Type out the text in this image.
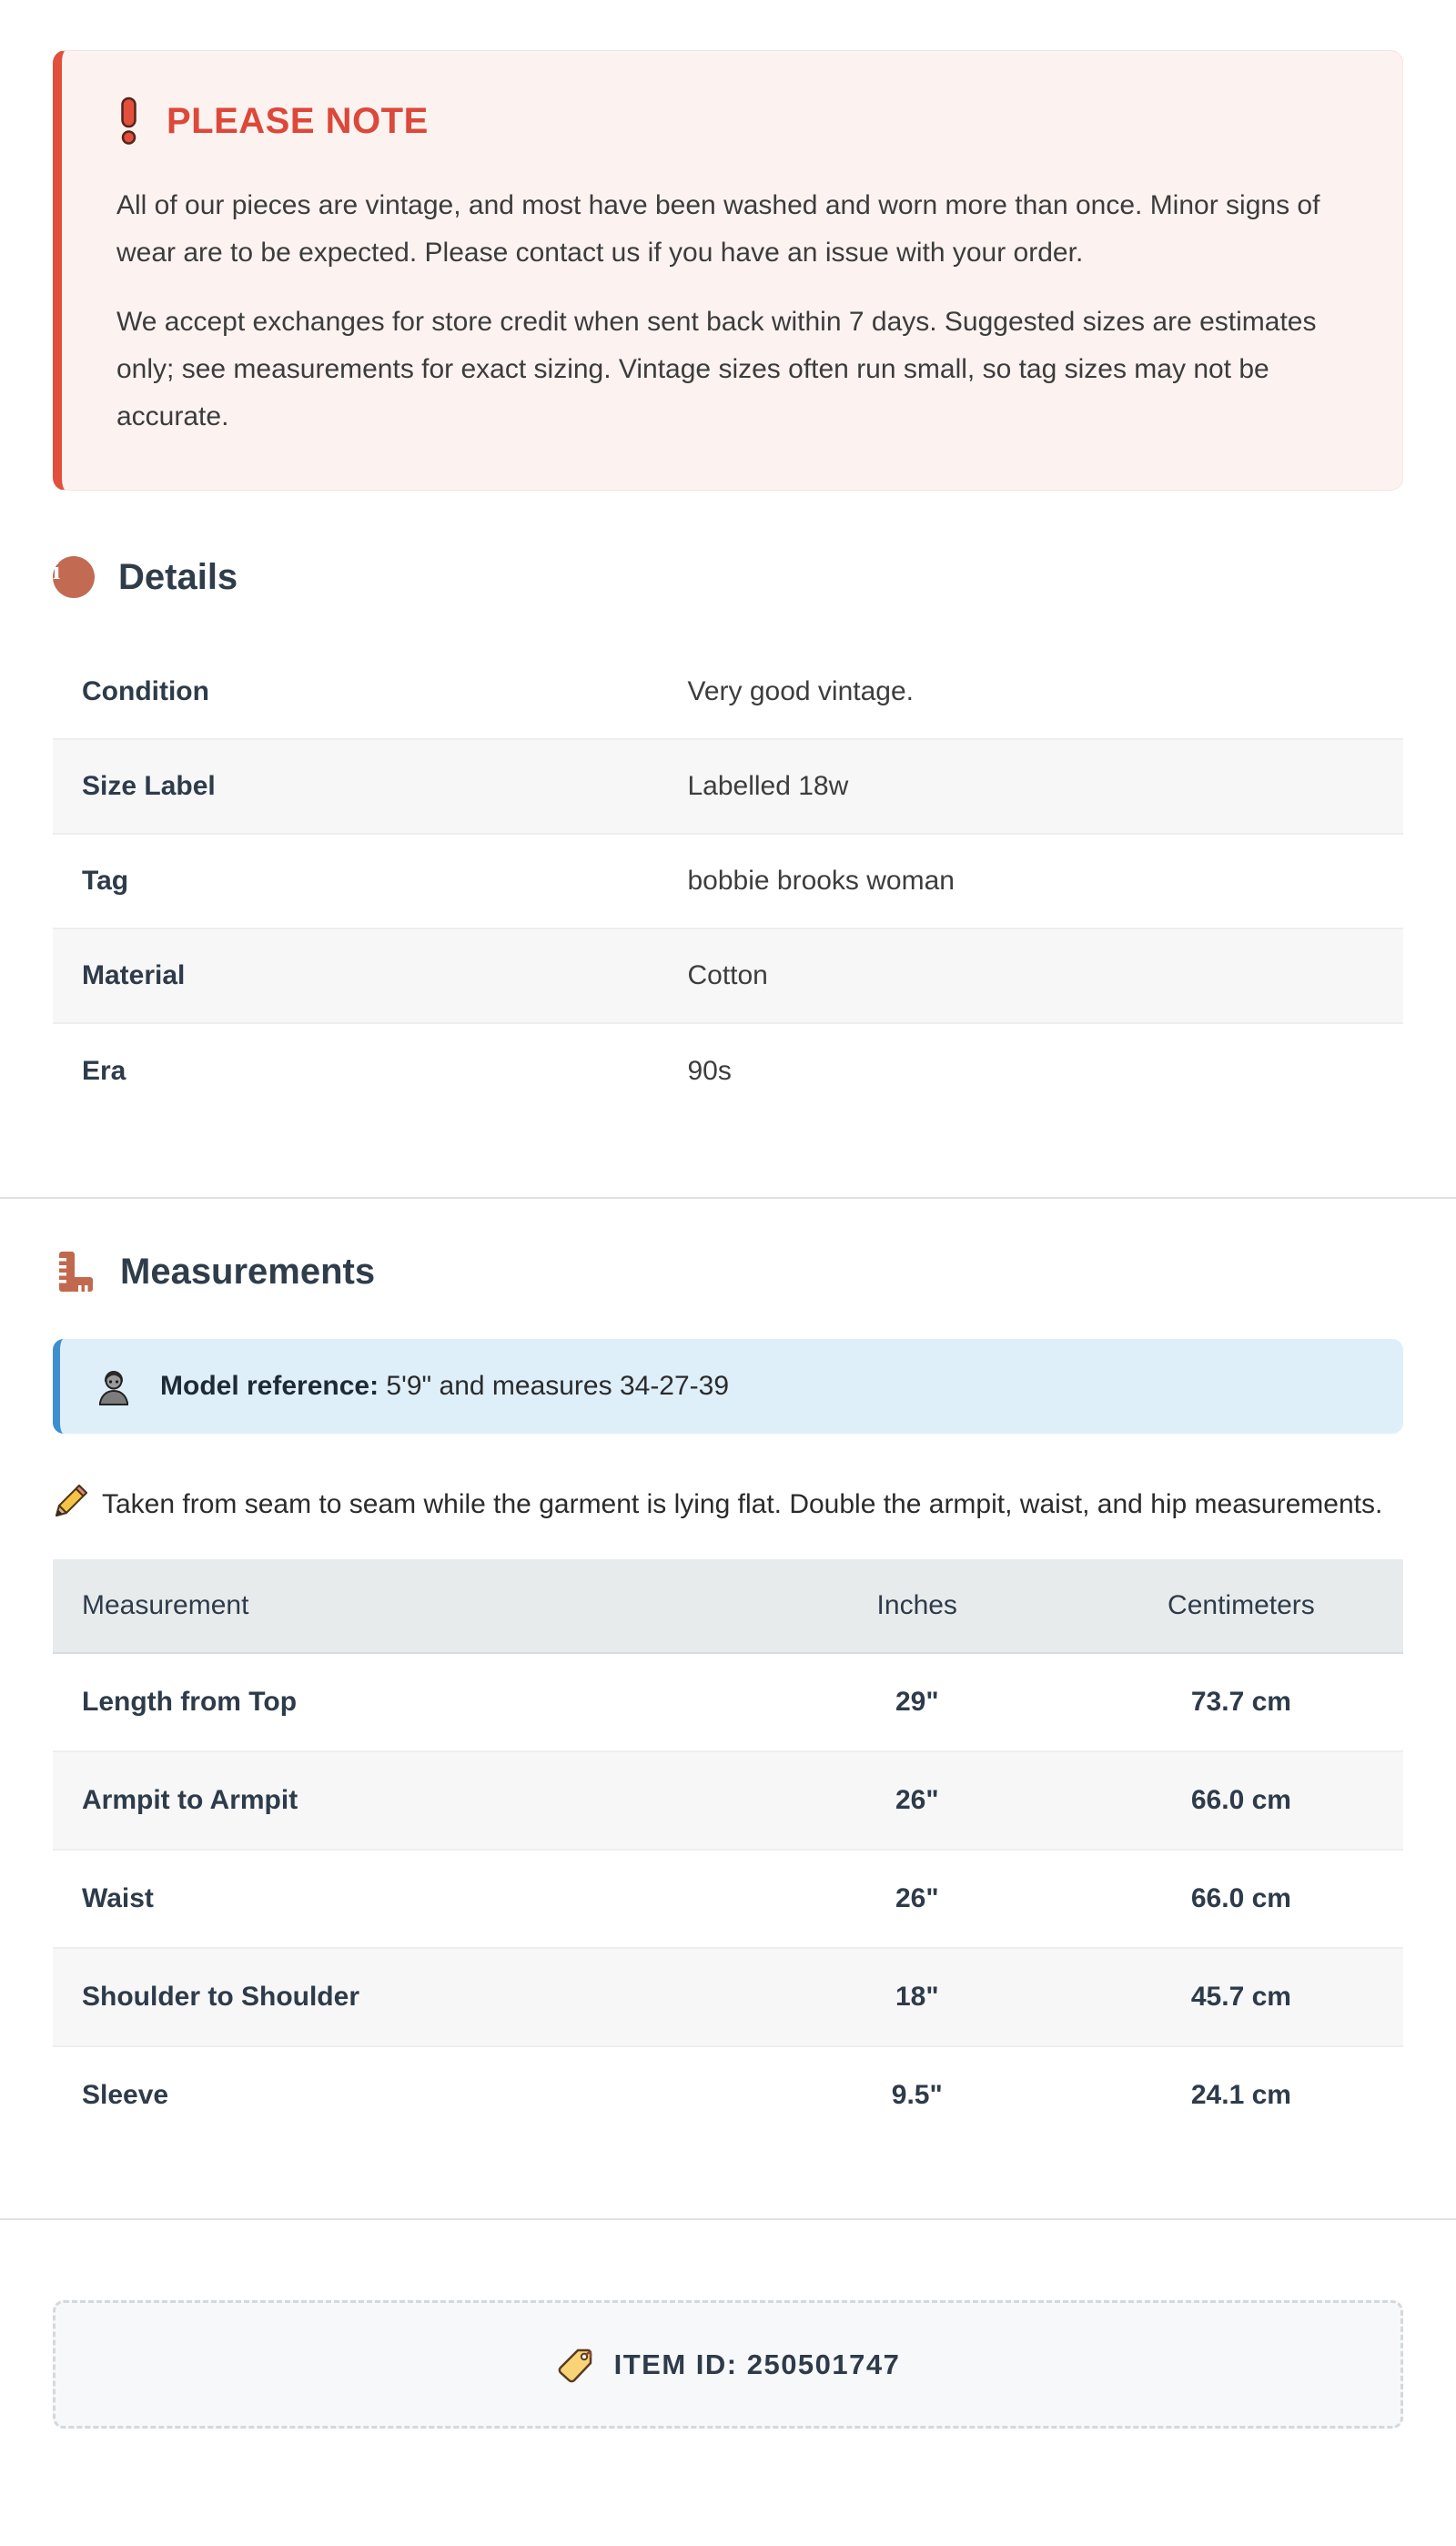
PLEASE NOTE

All of our pieces are vintage, and most have been washed and worn more than once. Minor signs of wear are to be expected. Please contact us if you have an issue with your order.

We accept exchanges for store credit when sent back within 7 days. Suggested sizes are estimates only; see measurements for exact sizing. Vintage sizes often run small, so tag sizes may not be accurate.

i	Details
Condition	Very good vintage.
Size Label	Labelled 18w
Tag	bobbie brooks woman
Material	Cotton
Era	90s
Measurements
Model reference: 5'9" and measures 34-27-39

Taken from seam to seam while the garment is lying flat. Double the armpit, waist, and hip measurements.

Measurement	Inches	Centimeters
Length from Top	29"	73.7 cm
Armpit to Armpit	26"	66.0 cm
Waist	26"	66.0 cm
Shoulder to Shoulder	18"	45.7 cm
Sleeve	9.5"	24.1 cm
ITEM ID: 250501747
